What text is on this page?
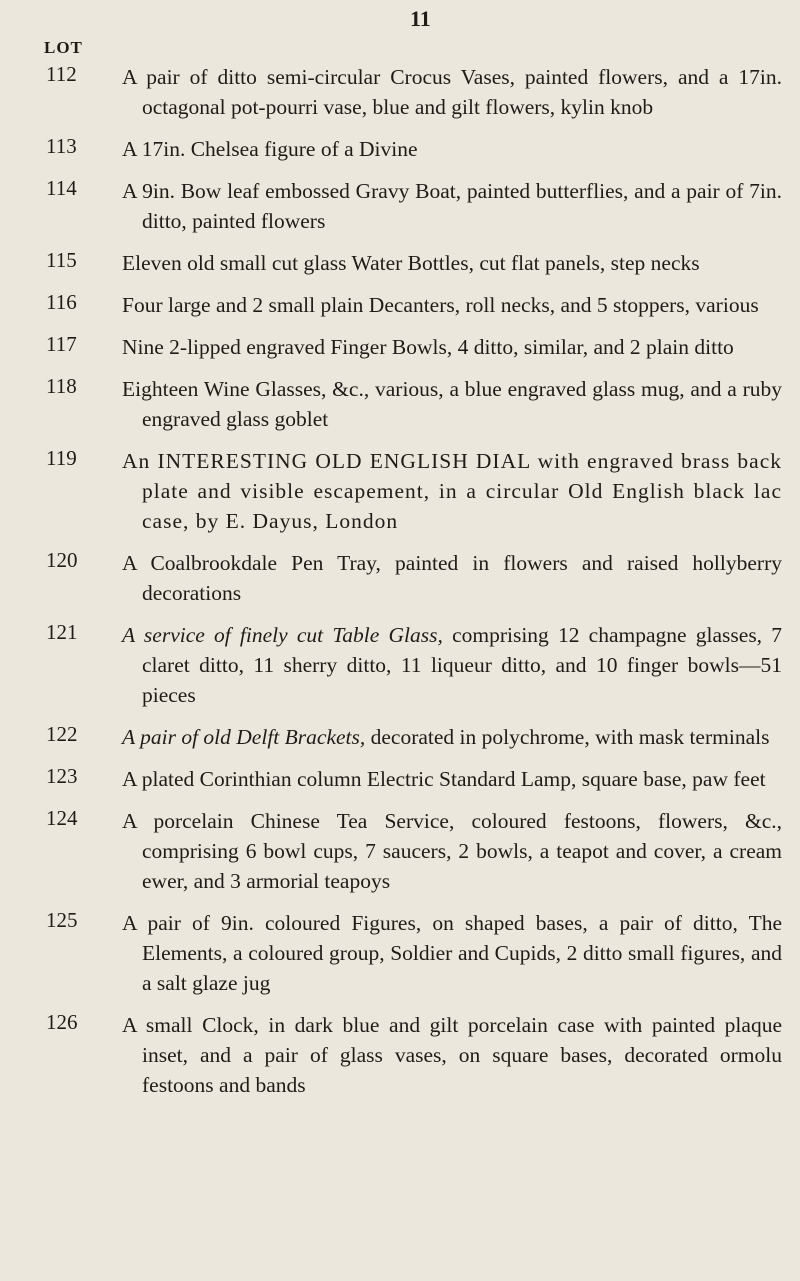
11
LOT
112	A pair of ditto semi-circular Crocus Vases, painted flowers, and a 17in. octagonal pot-pourri vase, blue and gilt flowers, kylin knob
113	A 17in. Chelsea figure of a Divine
114	A 9in. Bow leaf embossed Gravy Boat, painted butterflies, and a pair of 7in. ditto, painted flowers
115	Eleven old small cut glass Water Bottles, cut flat panels, step necks
116	Four large and 2 small plain Decanters, roll necks, and 5 stoppers, various
117	Nine 2-lipped engraved Finger Bowls, 4 ditto, similar, and 2 plain ditto
118	Eighteen Wine Glasses, &c., various, a blue engraved glass mug, and a ruby engraved glass goblet
119	An INTERESTING OLD ENGLISH DIAL with engraved brass back plate and visible escapement, in a circular Old English black lac case, by E. Dayus, London
120	A Coalbrookdale Pen Tray, painted in flowers and raised hollyberry decorations
121	A service of finely cut Table Glass, comprising 12 champagne glasses, 7 claret ditto, 11 sherry ditto, 11 liqueur ditto, and 10 finger bowls—51 pieces
122	A pair of old Delft Brackets, decorated in polychrome, with mask terminals
123	A plated Corinthian column Electric Standard Lamp, square base, paw feet
124	A porcelain Chinese Tea Service, coloured festoons, flowers, &c., comprising 6 bowl cups, 7 saucers, 2 bowls, a teapot and cover, a cream ewer, and 3 armorial teapoys
125	A pair of 9in. coloured Figures, on shaped bases, a pair of ditto, The Elements, a coloured group, Soldier and Cupids, 2 ditto small figures, and a salt glaze jug
126	A small Clock, in dark blue and gilt porcelain case with painted plaque inset, and a pair of glass vases, on square bases, decorated ormolu festoons and bands
